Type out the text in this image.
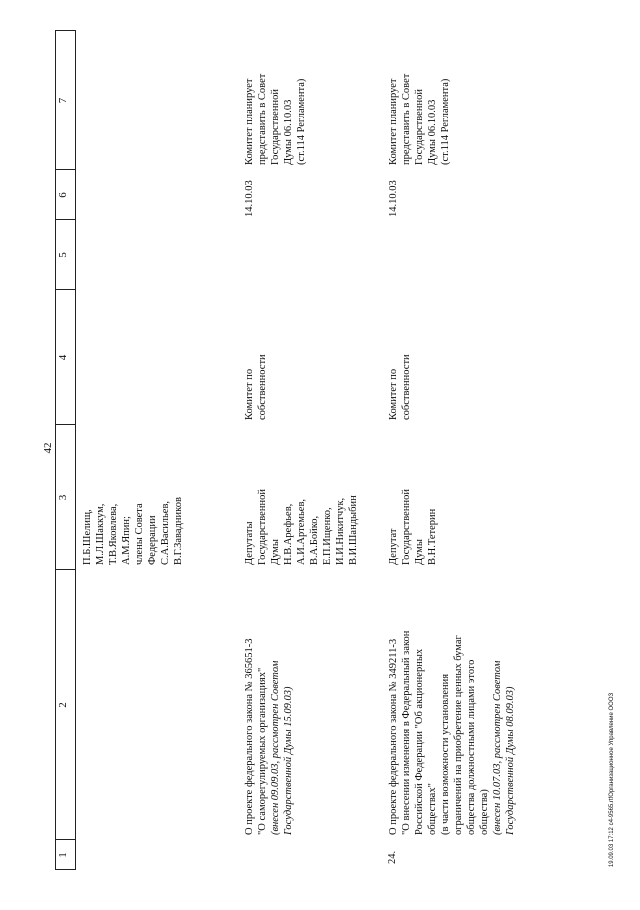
42
19.09.03 17:12 c4-9565.rtfОрганизационное Управление ОООЗ
1
2
3
4
5
6
7
П.Б.Шелищ, М.Л.Шаккум, Т.В.Яковлева, А.М.Япин; члены Совета Федерации С.А.Васильев, В.Г.Завадников
О проекте федерального закона № 365651-3 "О саморегулируемых организациях" (внесен 09.09.03, рассмотрен Советом Государственной Думы 15.09.03)
Депутаты Государственной Думы Н.В.Арефьев, А.И.Артемьев, В.А.Бойко, Е.П.Ищенко, И.И.Никитчук, В.И.Шандыбин
Комитет по собственности
14.10.03
Комитет планирует представить в Совет Государственной Думы 06.10.03 (ст.114 Регламента)
24.
О проекте федерального закона № 349211-3 "О внесении изменения в Федеральный закон Российской Федерации "Об акционерных обществах" (в части возможности установления ограничений на приобретение ценных бумаг общества должностными лицами этого общества) (внесен 10.07.03, рассмотрен Советом Государственной Думы 08.09.03)
Депутат Государственной Думы В.Н.Тетерин
Комитет по собственности
14.10.03
Комитет планирует представить в Совет Государственной Думы 06.10.03 (ст.114 Регламента)
